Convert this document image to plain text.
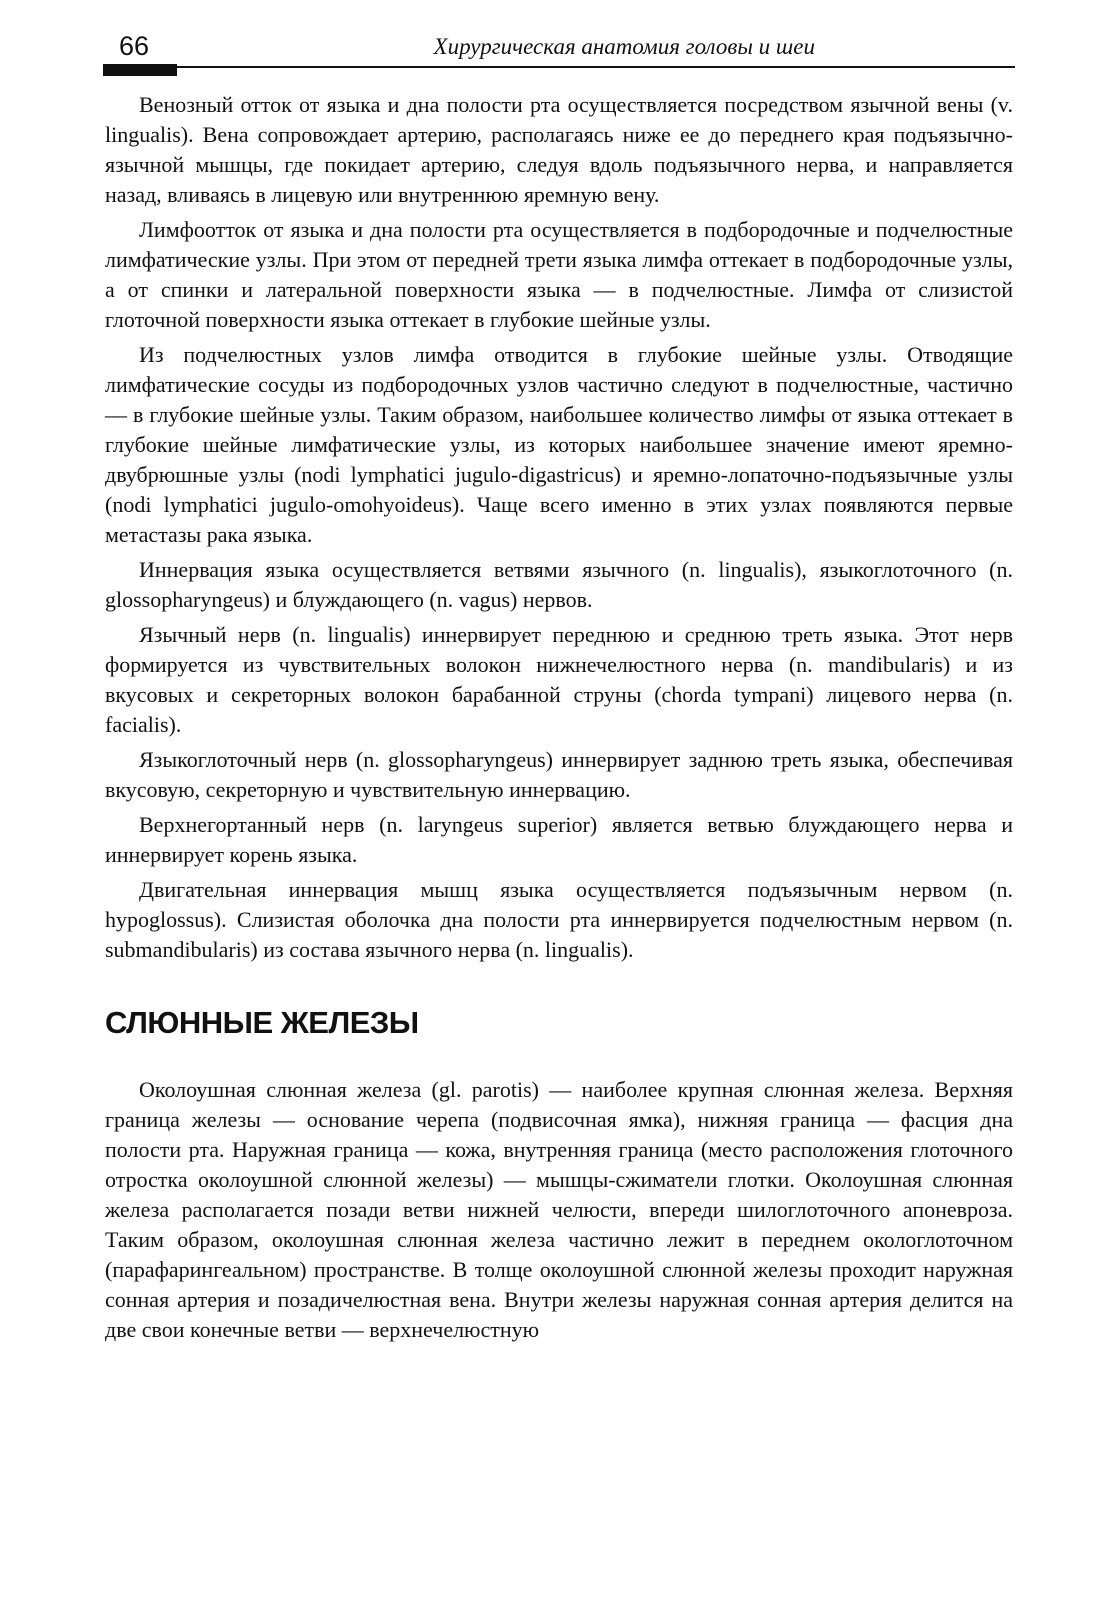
66	Хирургическая анатомия головы и шеи

Венозный отток от языка и дна полости рта осуществляется посредством язычной вены (v. lingualis). Вена сопровождает артерию, располагаясь ниже ее до переднего края подъязычно-язычной мышцы, где покидает артерию, следуя вдоль подъязычного нерва, и направляется назад, вливаясь в лицевую или внутреннюю яремную вену.

Лимфоотток от языка и дна полости рта осуществляется в подбородочные и подчелюстные лимфатические узлы. При этом от передней трети языка лимфа оттекает в подбородочные узлы, а от спинки и латеральной поверхности языка — в подчелюстные. Лимфа от слизистой глоточной поверхности языка оттекает в глубокие шейные узлы.

Из подчелюстных узлов лимфа отводится в глубокие шейные узлы. Отводящие лимфатические сосуды из подбородочных узлов частично следуют в подчелюстные, частично — в глубокие шейные узлы. Таким образом, наибольшее количество лимфы от языка оттекает в глубокие шейные лимфатические узлы, из которых наибольшее значение имеют яремно-двубрюшные узлы (nodi lymphatici jugulo-digastricus) и яремно-лопаточно-подъязычные узлы (nodi lymphatici jugulo-omohyoideus). Чаще всего именно в этих узлах появляются первые метастазы рака языка.

Иннервация языка осуществляется ветвями язычного (n. lingualis), языкоглоточного (n. glossopharyngeus) и блуждающего (n. vagus) нервов.

Язычный нерв (n. lingualis) иннервирует переднюю и среднюю треть языка. Этот нерв формируется из чувствительных волокон нижнечелюстного нерва (n. mandibularis) и из вкусовых и секреторных волокон барабанной струны (chorda tympani) лицевого нерва (n. facialis).

Языкоглоточный нерв (n. glossopharyngeus) иннервирует заднюю треть языка, обеспечивая вкусовую, секреторную и чувствительную иннервацию.

Верхнегортанный нерв (n. laryngeus superior) является ветвью блуждающего нерва и иннервирует корень языка.

Двигательная иннервация мышц языка осуществляется подъязычным нервом (n. hypoglossus). Слизистая оболочка дна полости рта иннервируется подчелюстным нервом (n. submandibularis) из состава язычного нерва (n. lingualis).

СЛЮННЫЕ ЖЕЛЕЗЫ

Околоушная слюнная железа (gl. parotis) — наиболее крупная слюнная железа. Верхняя граница железы — основание черепа (подвисочная ямка), нижняя граница — фасция дна полости рта. Наружная граница — кожа, внутренняя граница (место расположения глоточного отростка околоушной слюнной железы) — мышцы-сжиматели глотки. Околоушная слюнная железа располагается позади ветви нижней челюсти, впереди шилоглоточного апоневроза. Таким образом, околоушная слюнная железа частично лежит в переднем окологлоточном (парафарингеальном) пространстве. В толще околоушной слюнной железы проходит наружная сонная артерия и позадичелюстная вена. Внутри железы наружная сонная артерия делится на две свои конечные ветви — верхнечелюстную
